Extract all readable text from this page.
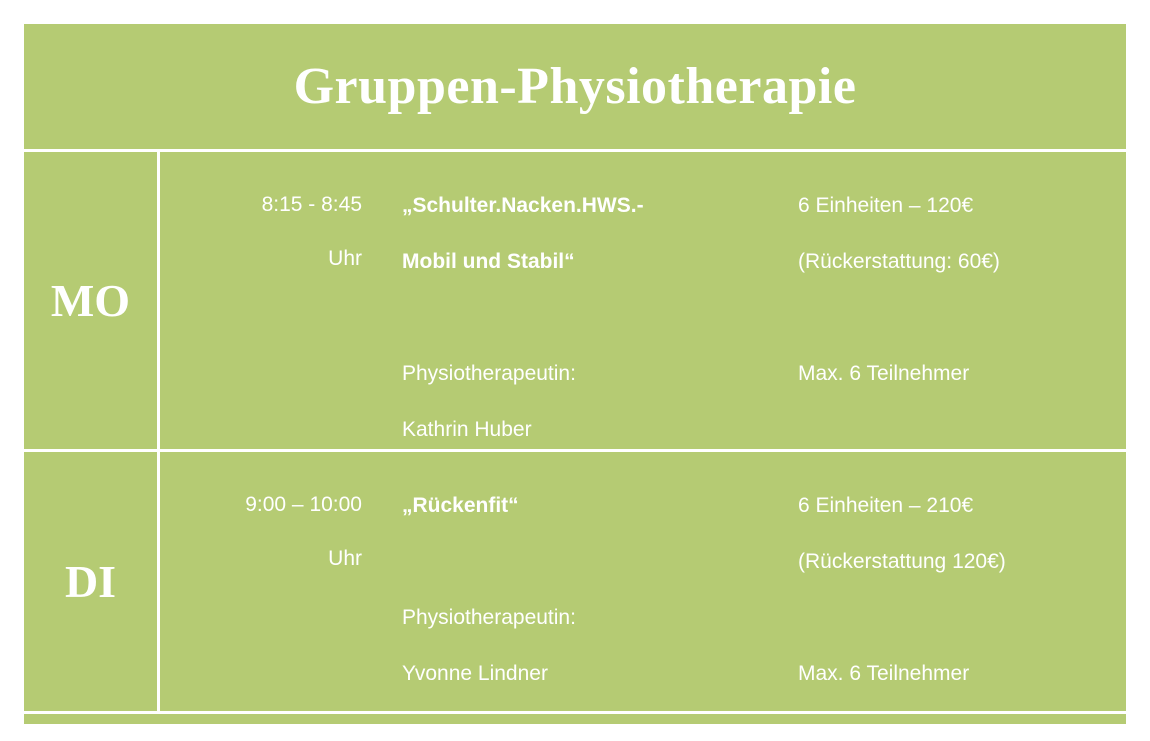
Gruppen-Physiotherapie
MO
8:15 - 8:45
Uhr
„Schulter.Nacken.HWS.-
Mobil und Stabil“
Physiotherapeutin:
Kathrin Huber
6 Einheiten – 120€
(Rückerstattung: 60€)
Max. 6 Teilnehmer
DI
9:00 – 10:00
Uhr
„Rückenfit“
Physiotherapeutin:
Yvonne Lindner
6 Einheiten – 210€
(Rückerstattung 120€)
Max. 6 Teilnehmer
